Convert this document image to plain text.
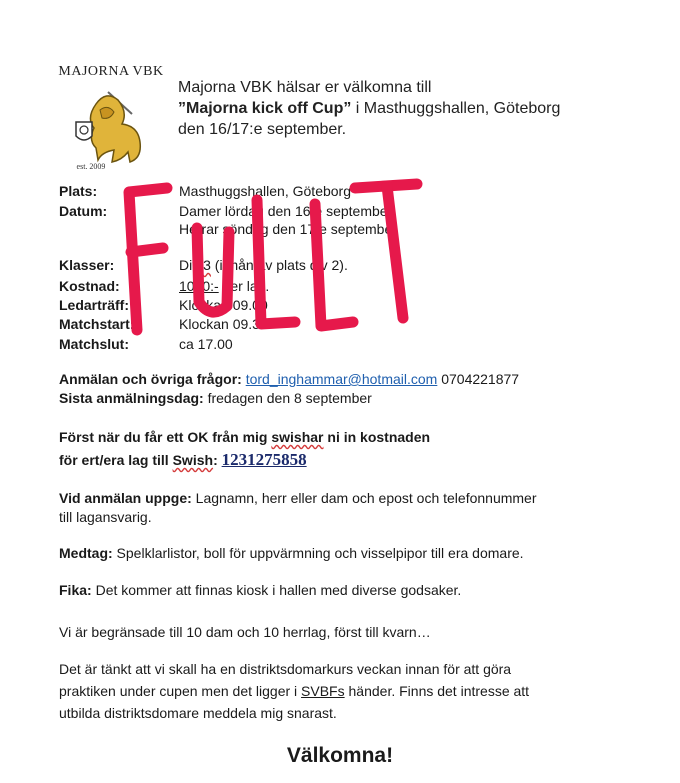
MAJORNA VBK
est. 2009
Majorna VBK hälsar er välkomna till
”Majorna kick off Cup” i Masthuggshallen, Göteborg
den 16/17:e september.
Plats:	Masthuggshallen, Göteborg
Datum:	Damer lördag den 16:e september
Herrar söndag den 17:e september
Klasser:	Div 3 (i mån av plats div 2).
Kostnad:	1000:- per lag.
Ledarträff:	Klockan 09.00
Matchstart:	Klockan 09.30
Matchslut:	ca 17.00
Anmälan och övriga frågor: tord_inghammar@hotmail.com 0704221877
Sista anmälningsdag: fredagen den 8 september
Först när du får ett OK från mig swishar ni in kostnaden
för ert/era lag till Swish: 1231275858
Vid anmälan uppge: Lagnamn, herr eller dam och epost och telefonnummer
till lagansvarig.
Medtag: Spelklarlistor, boll för uppvärmning och visselpipor till era domare.
Fika: Det kommer att finnas kiosk i hallen med diverse godsaker.
Vi är begränsade till 10 dam och 10 herrlag, först till kvarn…
Det är tänkt att vi skall ha en distriktsdomarkurs veckan innan för att göra
praktiken under cupen men det ligger i SVBFs händer. Finns det intresse att
utbilda distriktsdomare meddela mig snarast.
Välkomna!
